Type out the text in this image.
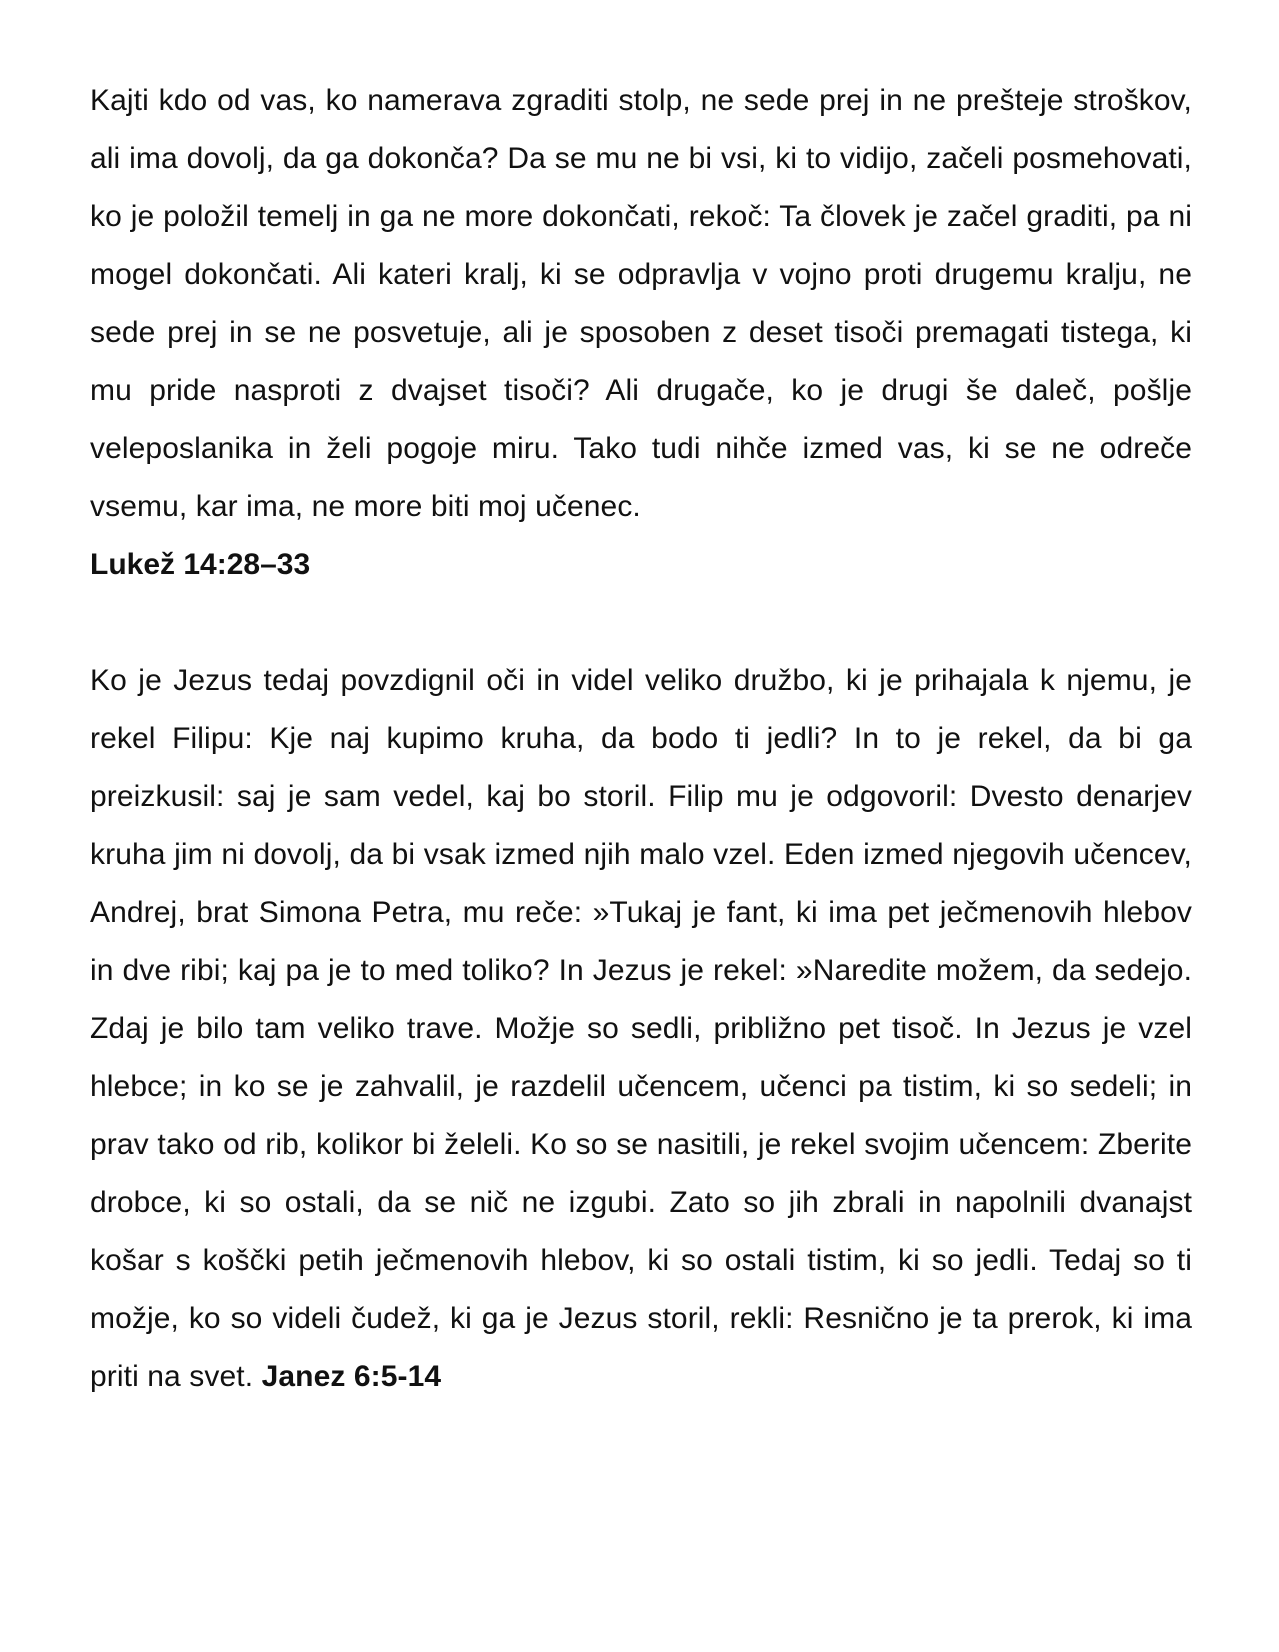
Kajti kdo od vas, ko namerava zgraditi stolp, ne sede prej in ne prešteje stroškov, ali ima dovolj, da ga dokonča? Da se mu ne bi vsi, ki to vidijo, začeli posmehovati, ko je položil temelj in ga ne more dokončati, rekoč: Ta človek je začel graditi, pa ni mogel dokončati. Ali kateri kralj, ki se odpravlja v vojno proti drugemu kralju, ne sede prej in se ne posvetuje, ali je sposoben z deset tisoči premagati tistega, ki mu pride nasproti z dvajset tisoči? Ali drugače, ko je drugi še daleč, pošlje veleposlanika in želi pogoje miru. Tako tudi nihče izmed vas, ki se ne odreče vsemu, kar ima, ne more biti moj učenec.

Lukež 14:28–33

Ko je Jezus tedaj povzdignil oči in videl veliko družbo, ki je prihajala k njemu, je rekel Filipu: Kje naj kupimo kruha, da bodo ti jedli? In to je rekel, da bi ga preizkusil: saj je sam vedel, kaj bo storil. Filip mu je odgovoril: Dvesto denarjev kruha jim ni dovolj, da bi vsak izmed njih malo vzel. Eden izmed njegovih učencev, Andrej, brat Simona Petra, mu reče: »Tukaj je fant, ki ima pet ječmenovih hlebov in dve ribi; kaj pa je to med toliko? In Jezus je rekel: »Naredite možem, da sedejo. Zdaj je bilo tam veliko trave. Možje so sedli, približno pet tisoč. In Jezus je vzel hlebce; in ko se je zahvalil, je razdelil učencem, učenci pa tistim, ki so sedeli; in prav tako od rib, kolikor bi želeli. Ko so se nasitili, je rekel svojim učencem: Zberite drobce, ki so ostali, da se nič ne izgubi. Zato so jih zbrali in napolnili dvanajst košar s koščki petih ječmenovih hlebov, ki so ostali tistim, ki so jedli. Tedaj so ti možje, ko so videli čudež, ki ga je Jezus storil, rekli: Resnično je ta prerok, ki ima priti na svet. Janez 6:5-14
